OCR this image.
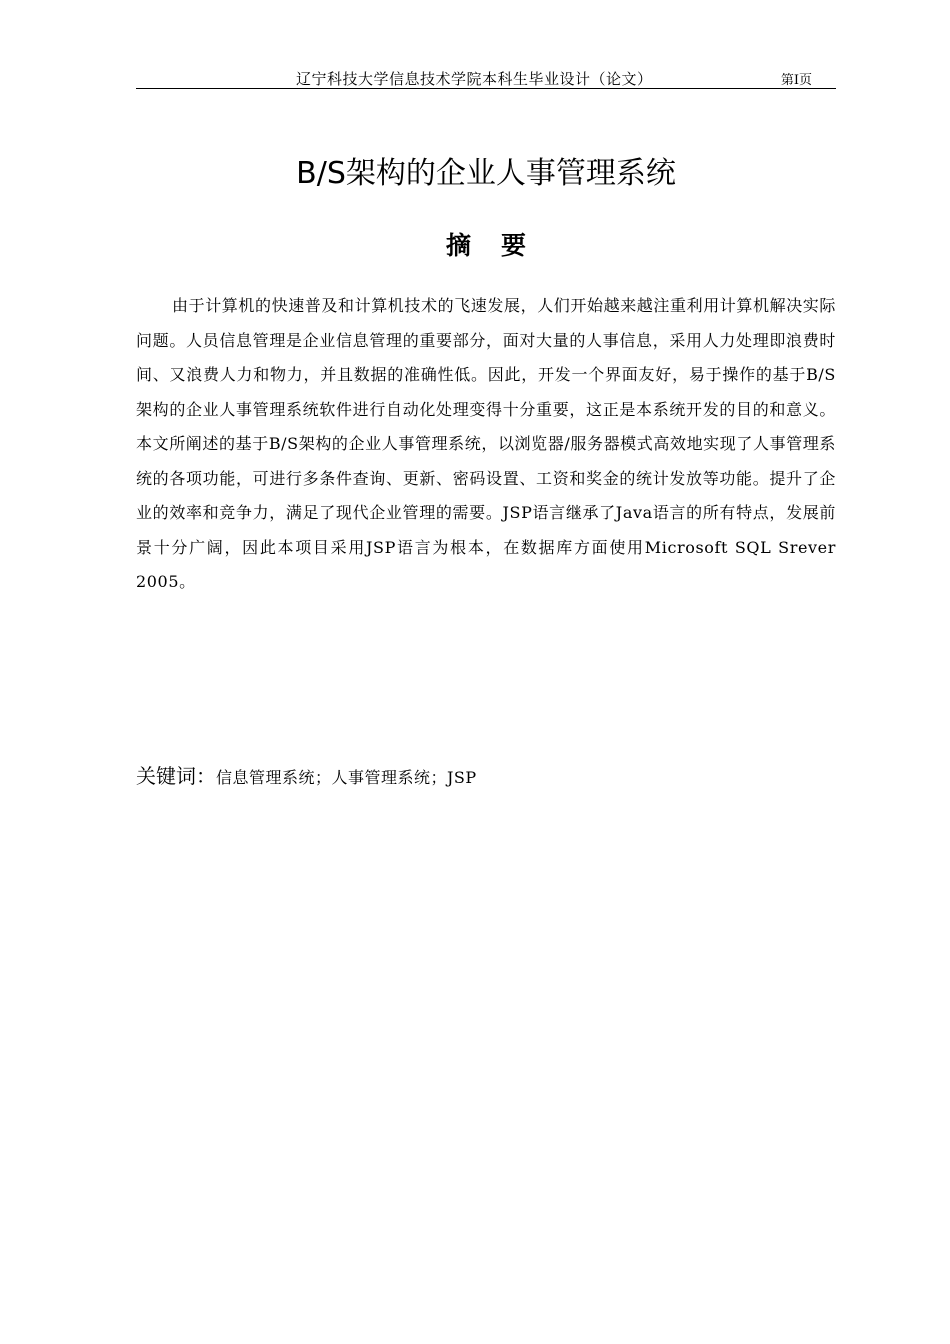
辽宁科技大学信息技术学院本科生毕业设计（论文）	第Ⅰ页
B/S架构的企业人事管理系统
摘要
由于计算机的快速普及和计算机技术的飞速发展，人们开始越来越注重利用计算机解决实际问题。人员信息管理是企业信息管理的重要部分，面对大量的人事信息，采用人力处理即浪费时间、又浪费人力和物力，并且数据的准确性低。因此，开发一个界面友好，易于操作的基于B/S架构的企业人事管理系统软件进行自动化处理变得十分重要，这正是本系统开发的目的和意义。本文所阐述的基于B/S架构的企业人事管理系统，以浏览器/服务器模式高效地实现了人事管理系统的各项功能，可进行多条件查询、更新、密码设置、工资和奖金的统计发放等功能。提升了企业的效率和竞争力，满足了现代企业管理的需要。JSP语言继承了Java语言的所有特点，发展前景十分广阔，因此本项目采用JSP语言为根本，在数据库方面使用Microsoft SQL Srever 2005。
关键词：信息管理系统；人事管理系统；JSP
